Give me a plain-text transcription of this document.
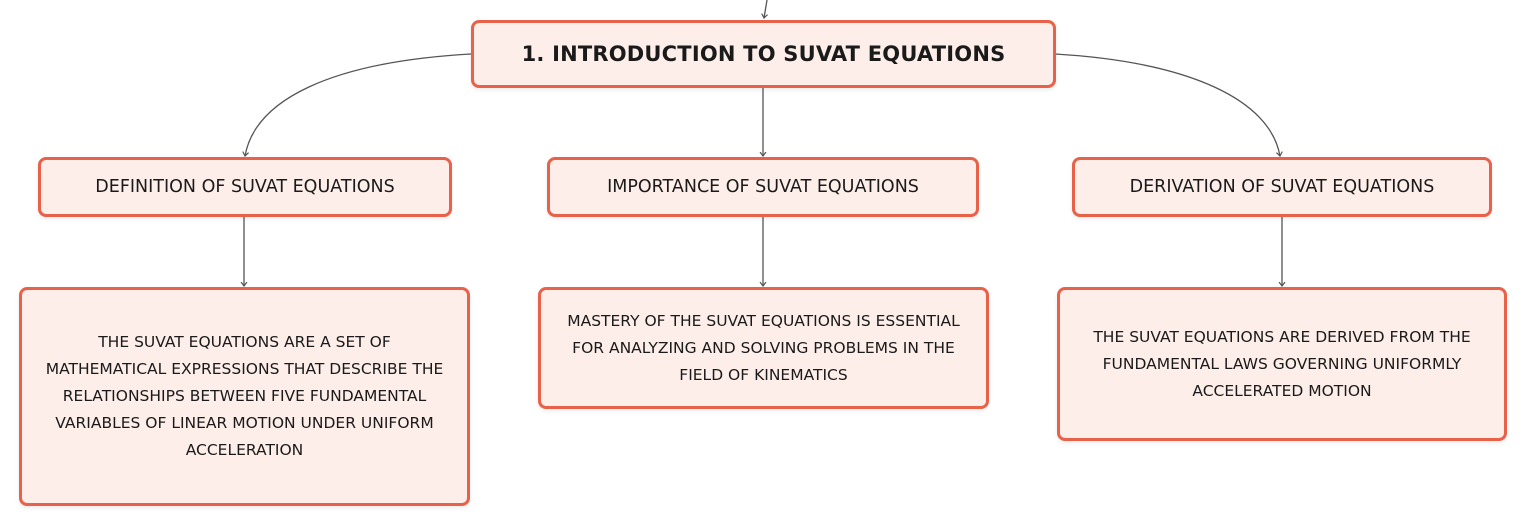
1. INTRODUCTION TO SUVAT EQUATIONS
DEFINITION OF SUVAT EQUATIONS	IMPORTANCE OF SUVAT EQUATIONS	DERIVATION OF SUVAT EQUATIONS
THE SUVAT EQUATIONS ARE A SET OF MATHEMATICAL EXPRESSIONS THAT DESCRIBE THE RELATIONSHIPS BETWEEN FIVE FUNDAMENTAL VARIABLES OF LINEAR MOTION UNDER UNIFORM ACCELERATION
MASTERY OF THE SUVAT EQUATIONS IS ESSENTIAL FOR ANALYZING AND SOLVING PROBLEMS IN THE FIELD OF KINEMATICS
THE SUVAT EQUATIONS ARE DERIVED FROM THE FUNDAMENTAL LAWS GOVERNING UNIFORMLY ACCELERATED MOTION
